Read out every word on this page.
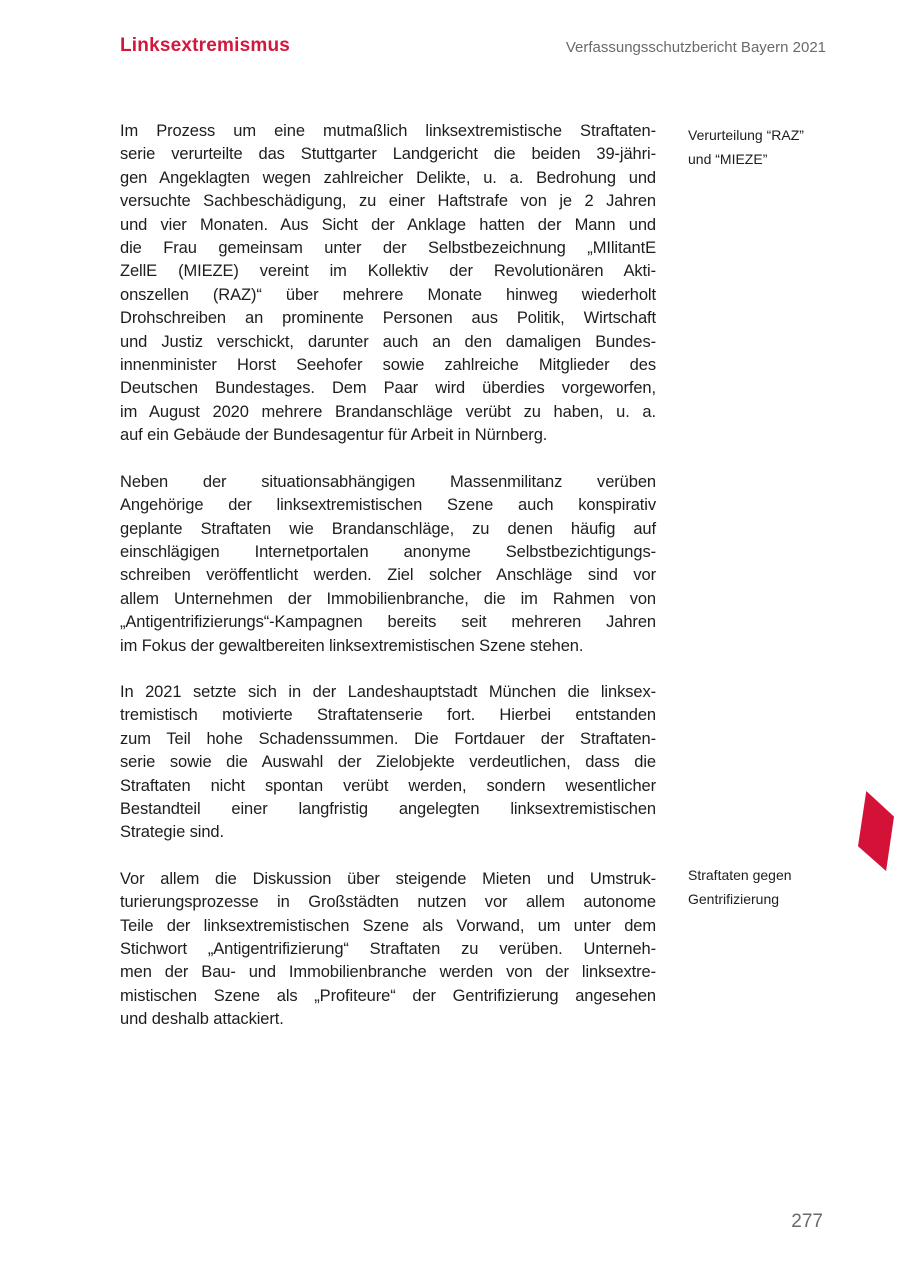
Linksextremismus	Verfassungsschutzbericht Bayern 2021

Im Prozess um eine mutmaßlich linksextremistische Straftaten-
serie verurteilte das Stuttgarter Landgericht die beiden 39-jähri-
gen Angeklagten wegen zahlreicher Delikte, u. a. Bedrohung und
versuchte Sachbeschädigung, zu einer Haftstrafe von je 2 Jahren
und vier Monaten. Aus Sicht der Anklage hatten der Mann und
die Frau gemeinsam unter der Selbstbezeichnung „MIlitantE
ZellE (MIEZE) vereint im Kollektiv der Revolutionären Akti-
onszellen (RAZ)“ über mehrere Monate hinweg wiederholt
Drohschreiben an prominente Personen aus Politik, Wirtschaft
und Justiz verschickt, darunter auch an den damaligen Bundes-
innenminister Horst Seehofer sowie zahlreiche Mitglieder des
Deutschen Bundestages. Dem Paar wird überdies vorgeworfen,
im August 2020 mehrere Brandanschläge verübt zu haben, u. a.
auf ein Gebäude der Bundesagentur für Arbeit in Nürnberg.

Neben der situationsabhängigen Massenmilitanz verüben
Angehörige der linksextremistischen Szene auch konspirativ
geplante Straftaten wie Brandanschläge, zu denen häufig auf
einschlägigen Internetportalen anonyme Selbstbezichtigungs-
schreiben veröffentlicht werden. Ziel solcher Anschläge sind vor
allem Unternehmen der Immobilienbranche, die im Rahmen von
„Antigentrifizierungs“-Kampagnen bereits seit mehreren Jahren
im Fokus der gewaltbereiten linksextremistischen Szene stehen.

In 2021 setzte sich in der Landeshauptstadt München die linksex-
tremistisch motivierte Straftatenserie fort. Hierbei entstanden
zum Teil hohe Schadenssummen. Die Fortdauer der Straftaten-
serie sowie die Auswahl der Zielobjekte verdeutlichen, dass die
Straftaten nicht spontan verübt werden, sondern wesentlicher
Bestandteil einer langfristig angelegten linksextremistischen
Strategie sind.

Vor allem die Diskussion über steigende Mieten und Umstruk-
turierungsprozesse in Großstädten nutzen vor allem autonome
Teile der linksextremistischen Szene als Vorwand, um unter dem
Stichwort „Antigentrifizierung“ Straftaten zu verüben. Unterneh-
men der Bau- und Immobilienbranche werden von der linksextre-
mistischen Szene als „Profiteure“ der Gentrifizierung angesehen
und deshalb attackiert.

Verurteilung “RAZ”
und “MIEZE”
Straftaten gegen
Gentrifizierung
277
